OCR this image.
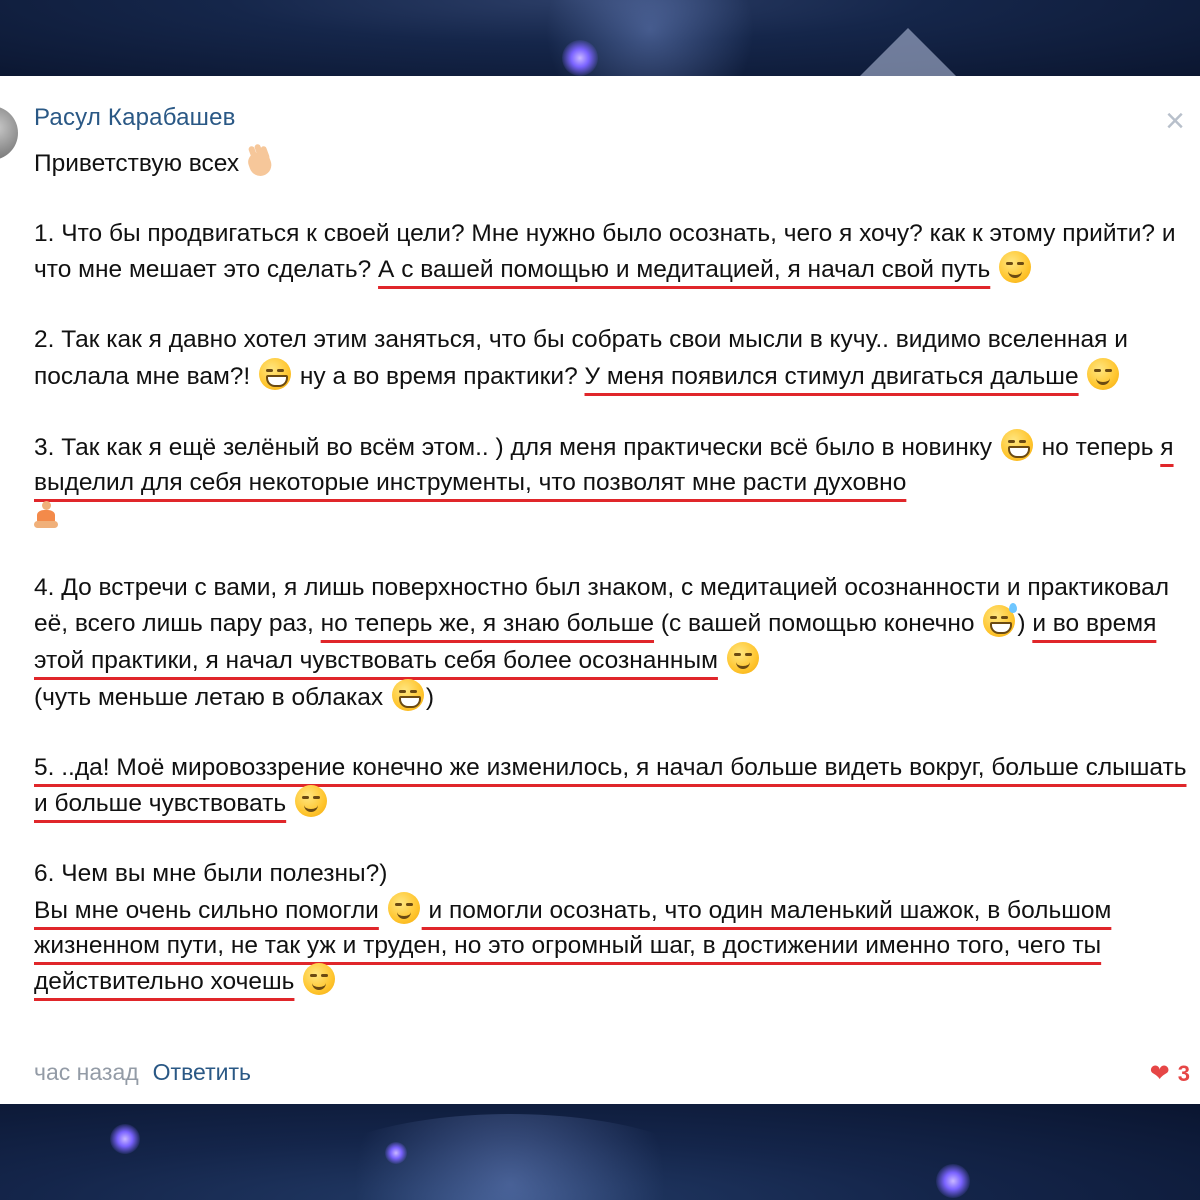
×
Расул Карабашев

Приветствую всех

1. Что бы продвигаться к своей цели? Мне нужно было осознать, чего я хочу? как к этому прийти? и что мне мешает это сделать? А с вашей помощью и медитацией, я начал свой путь

2. Так как я давно хотел этим заняться, что бы собрать свои мысли в кучу.. видимо вселенная и послала мне вам?!
ну а во время практики? У меня появился стимул двигаться дальше

3. Так как я ещё зелёный во всём этом.. ) для меня практически всё было в новинку
но теперь я выделил для себя некоторые инструменты, что позволят мне расти духовно

4. До встречи с вами, я лишь поверхностно был знаком, с медитацией осознанности и практиковал её, всего лишь пару раз, но теперь же, я знаю больше (с вашей помощью конечно
) и во время этой практики, я начал чувствовать себя более осознанным

(чуть меньше летаю в облаках
)

5. ..да! Моё мировоззрение конечно же изменилось, я начал больше видеть вокруг, больше слышать и больше чувствовать

6. Чем вы мне были полезны?)
Вы мне очень сильно помогли
и помогли осознать, что один маленький шажок, в большом жизненном пути, не так уж и труден, но это огромный шаг, в достижении именно того, чего ты действительно хочешь

час назад Ответить	❤ 3
